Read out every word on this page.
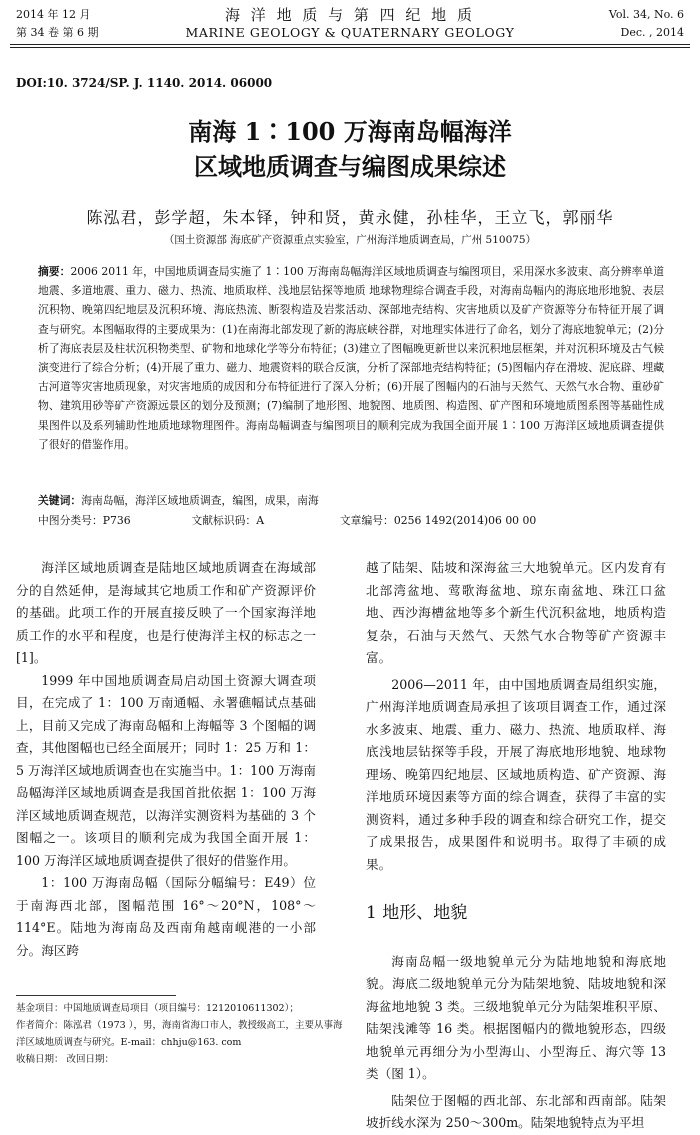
2014 年 12 月
第 34 卷 第 6 期
海 洋 地 质 与 第 四 纪 地 质
MARINE GEOLOGY & QUATERNARY GEOLOGY
Vol. 34, No. 6
Dec. , 2014
DOI:10. 3724/SP. J. 1140. 2014. 06000
南海 1∶100 万海南岛幅海洋
区域地质调查与编图成果综述
陈泓君，彭学超，朱本铎，钟和贤，黄永健，孙桂华，王立飞，郭丽华
（国土资源部 海底矿产资源重点实验室，广州海洋地质调查局，广州 510075）

摘要：2006 2011 年，中国地质调查局实施了 1∶100 万海南岛幅海洋区域地质调查与编图项目，采用深水多波束、高分辨率单道地震、多道地震、重力、磁力、热流、地质取样、浅地层钻探等地质 地球物理综合调查手段，对海南岛幅内的海底地形地貌、表层沉积物、晚第四纪地层及沉积环境、海底热流、断裂构造及岩浆活动、深部地壳结构、灾害地质以及矿产资源等分布特征开展了调查与研究。本图幅取得的主要成果为：(1)在南海北部发现了新的海底峡谷群，对地理实体进行了命名，划分了海底地貌单元；(2)分析了海底表层及柱状沉积物类型、矿物和地球化学等分布特征；(3)建立了图幅晚更新世以来沉积地层框架，并对沉积环境及古气候演变进行了综合分析；(4)开展了重力、磁力、地震资料的联合反演，分析了深部地壳结构特征；(5)图幅内存在滑坡、泥底辟、埋藏古河道等灾害地质现象，对灾害地质的成因和分布特征进行了深入分析；(6)开展了图幅内的石油与天然气、天然气水合物、重砂矿物、建筑用砂等矿产资源远景区的划分及预测；(7)编制了地形图、地貌图、地质图、构造图、矿产图和环境地质图系图等基础性成果图件以及系列辅助性地质地球物理图件。海南岛幅调查与编图项目的顺利完成为我国全面开展 1∶100 万海洋区域地质调查提供了很好的借鉴作用。

关键词：海南岛幅，海洋区域地质调查，编图，成果，南海
中图分类号：P736	文献标识码：A	文章编号：0256 1492(2014)06 00 00

海洋区域地质调查是陆地区域地质调查在海域部分的自然延伸，是海域其它地质工作和矿产资源评价的基础。此项工作的开展直接反映了一个国家海洋地质工作的水平和程度，也是行使海洋主权的标志之一[1]。

1999 年中国地质调查局启动国土资源大调查项目，在完成了 1：100 万南通幅、永署礁幅试点基础上，目前又完成了海南岛幅和上海幅等 3 个图幅的调查，其他图幅也已经全面展开；同时 1：25 万和 1：5 万海洋区域地质调查也在实施当中。1：100 万海南岛幅海洋区域地质调查是我国首批依据 1：100 万海洋区域地质调查规范，以海洋实测资料为基础的 3 个图幅之一。该项目的顺利完成为我国全面开展 1：100 万海洋区域地质调查提供了很好的借鉴作用。

1：100 万海南岛幅（国际分幅编号：E49）位于南海西北部，图幅范围 16°～20°N，108°～114°E。陆地为海南岛及西南角越南岘港的一小部分。海区跨

越了陆架、陆坡和深海盆三大地貌单元。区内发育有北部湾盆地、莺歌海盆地、琼东南盆地、珠江口盆地、西沙海槽盆地等多个新生代沉积盆地，地质构造复杂，石油与天然气、天然气水合物等矿产资源丰富。

2006—2011 年，由中国地质调查局组织实施，广州海洋地质调查局承担了该项目调查工作，通过深水多波束、地震、重力、磁力、热流、地质取样、海底浅地层钻探等手段，开展了海底地形地貌、地球物理场、晚第四纪地层、区域地质构造、矿产资源、海洋地质环境因素等方面的综合调查，获得了丰富的实测资料，通过多种手段的调查和综合研究工作，提交了成果报告，成果图件和说明书。取得了丰硕的成果。

1 地形、地貌

海南岛幅一级地貌单元分为陆地地貌和海底地貌。海底二级地貌单元分为陆架地貌、陆坡地貌和深海盆地地貌 3 类。三级地貌单元分为陆架堆积平原、陆架浅滩等 16 类。根据图幅内的微地貌形态，四级地貌单元再细分为小型海山、小型海丘、海穴等 13 类（图 1）。

陆架位于图幅的西北部、东北部和西南部。陆架坡折线水深为 250～300m。陆架地貌特点为平坦

基金项目：中国地质调查局项目（项目编号：1212010611302）；
作者简介：陈泓君（1973 ），男，海南省海口市人，教授级高工，主要从事海洋区域地质调查与研究。E-mail：chhju@163. com
收稿日期： 改回日期：
